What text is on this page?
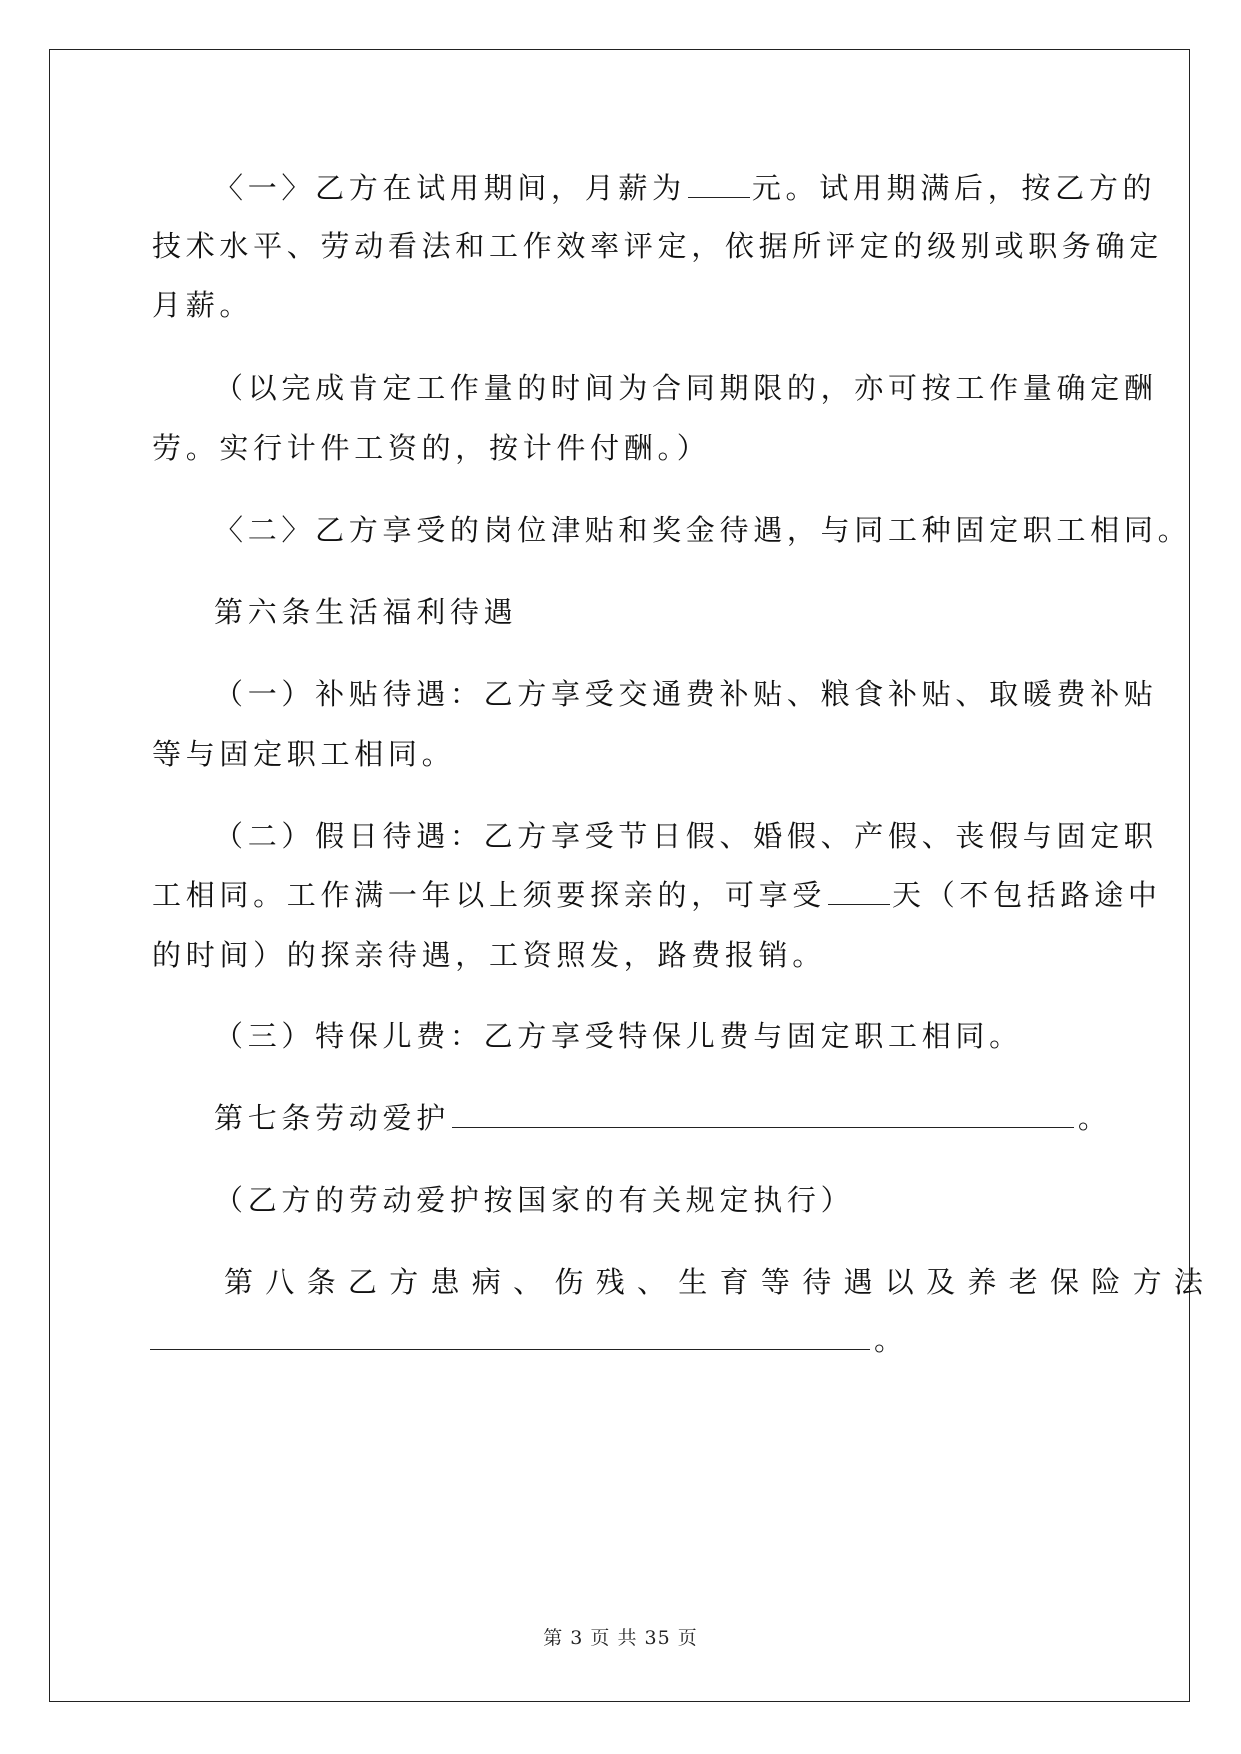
〈一〉乙方在试用期间，月薪为 元。试用期满后，按乙方的
技术水平、劳动看法和工作效率评定，依据所评定的级别或职务确定
月薪。
（以完成肯定工作量的时间为合同期限的，亦可按工作量确定酬
劳。实行计件工资的，按计件付酬。）
〈二〉乙方享受的岗位津贴和奖金待遇，与同工种固定职工相同。
第六条生活福利待遇
（一）补贴待遇：乙方享受交通费补贴、粮食补贴、取暖费补贴
等与固定职工相同。
（二）假日待遇：乙方享受节日假、婚假、产假、丧假与固定职
工相同。工作满一年以上须要探亲的，可享受 天（不包括路途中
的时间）的探亲待遇，工资照发，路费报销。
（三）特保儿费：乙方享受特保儿费与固定职工相同。
第七条劳动爱护	。
（乙方的劳动爱护按国家的有关规定执行）
第八条乙方患病、伤残、生育等待遇以及养老保险方法
。
第 3 页 共 35 页
